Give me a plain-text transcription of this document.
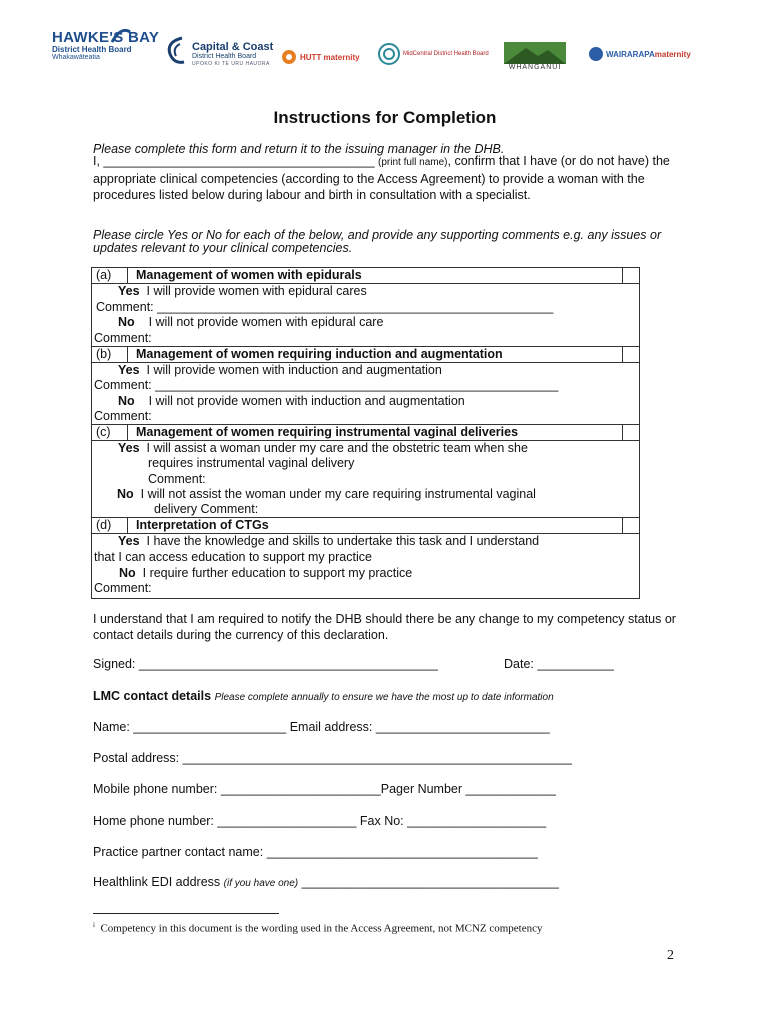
HAWKE'S BAY
District Health Board
Whakawāteatia
Capital & Coast
District Health Board
UPOKO KI TE URU HAUORA
HUTT maternity	MidCentral District Health Board
WHANGANUI
WAIRARAPA maternity
Instructions for Completion
Please complete this form and return it to the issuing manager in the DHB.
I, _______________________________________ (print full name), confirm that I have (or do not have) the appropriate clinical competencies (according to the Access Agreement) to provide a woman with the procedures listed below during labour and birth in consultation with a specialist.
Please circle Yes or No for each of the below, and provide any supporting comments e.g. any issues or updates relevant to your clinical competencies.
(a) Management of women with epidurals
Yes I will provide women with epidural cares
Comment: _________________________________________________________
No I will not provide women with epidural care
Comment:
(b) Management of women requiring induction and augmentation
Yes I will provide women with induction and augmentation
Comment: __________________________________________________________
No I will not provide women with induction and augmentation
Comment:
(c) Management of women requiring instrumental vaginal deliveries
Yes I will assist a woman under my care and the obstetric team when she
requires instrumental vaginal delivery
Comment:
No I will not assist the woman under my care requiring instrumental vaginal
delivery Comment:
(d) Interpretation of CTGs
Yes I have the knowledge and skills to undertake this task and I understand
that I can access education to support my practice
No I require further education to support my practice
Comment:
I understand that I am required to notify the DHB should there be any change to my competency status or contact details during the currency of this declaration.
Signed: ___________________________________________	Date: ___________
LMC contact details Please complete annually to ensure we have the most up to date information
Name: ______________________ Email address: _________________________
Postal address: ________________________________________________________
Mobile phone number: _______________________Pager Number _____________
Home phone number: ____________________ Fax No: ____________________
Practice partner contact name: _______________________________________
Healthlink EDI address (if you have one) _____________________________________
$^i$ Competency in this document is the wording used in the Access Agreement, not MCNZ competency
2
